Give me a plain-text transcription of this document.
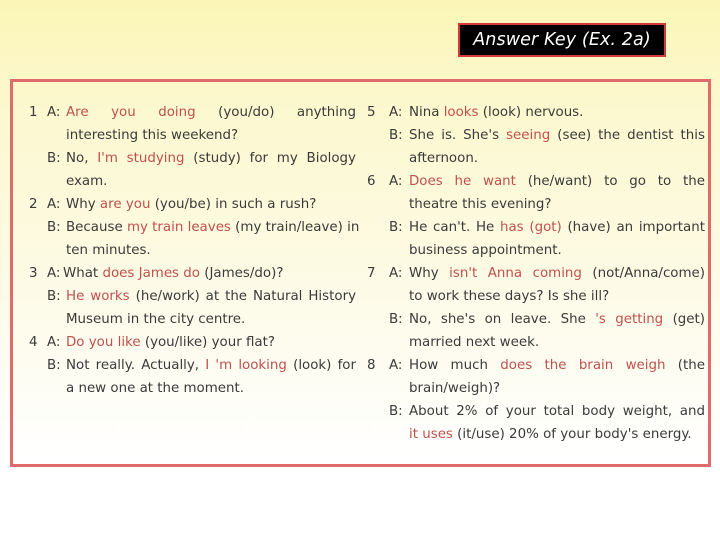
Answer Key (Ex. 2a)
1 A: Are you doing (you/do) anything
interesting this weekend?
B: No, I'm studying (study) for my Biology
exam.
2 A: Why are you (you/be) in such a rush?
B: Because my train leaves (my train/leave) in
ten minutes.
3 A: What does James do (James/do)?
B: He works (he/work) at the Natural History
Museum in the city centre.
4 A: Do you like (you/like) your flat?
B: Not really. Actually, I 'm looking (look) for
a new one at the moment.
5 A: Nina looks (look) nervous.
B: She is. She's seeing (see) the dentist this
afternoon.
6 A: Does he want (he/want) to go to the
theatre this evening?
B: He can't. He has (got) (have) an important
business appointment.
7 A: Why isn't Anna coming (not/Anna/come)
to work these days? Is she ill?
B: No, she's on leave. She 's getting (get)
married next week.
8 A: How much does the brain weigh (the
brain/weigh)?
B: About 2% of your total body weight, and
it uses (it/use) 20% of your body's energy.
